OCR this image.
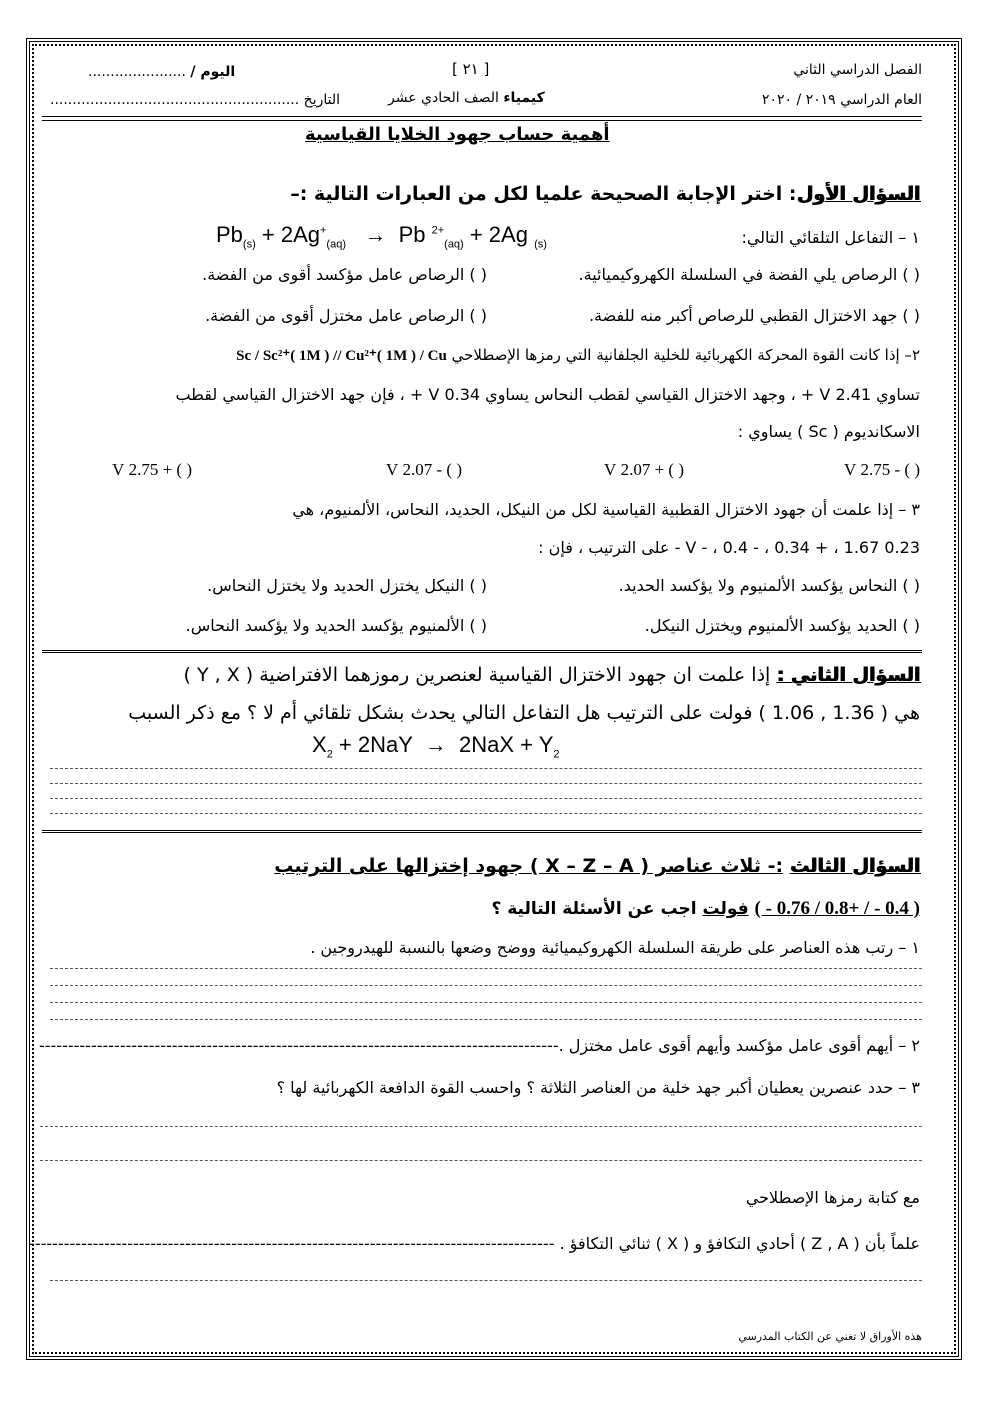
الفصل الدراسي الثاني
العام الدراسي ٢٠١٩ / ٢٠٢٠
[ ٢١ ]
كيمياء الصف الحادي عشر
اليوم / ......................
التاريخ ........................................................
أهمية حساب جهود الخلايا القياسية
السؤال الأول: اختر الإجابة الصحيحة علميا لكل من العبارات التالية :–
١ – التفاعل التلقائي التالي:
$Pb_{(s)} + 2Ag^+_{(aq)} \to Pb$ $^{2+}_{(aq)}$ + 2Ag $_{(s)}$
( ) الرصاص يلي الفضة في السلسلة الكهروكيميائية.
( ) الرصاص عامل مؤكسد أقوى من الفضة.
( ) جهد الاختزال القطبي للرصاص أكبر منه للفضة.
( ) الرصاص عامل مختزل أقوى من الفضة.
٢– إذا كانت القوة المحركة الكهربائية للخلية الجلفانية التي رمزها الإصطلاحي Sc / Sc²⁺( 1M ) // Cu²⁺( 1M ) / Cu
تساوي V 2.41 + ، وجهد الاختزال القياسي لقطب النحاس يساوي V 0.34 + ، فإن جهد الاختزال القياسي لقطب
الاسكانديوم ( Sc ) يساوي :
( ) - 2.75 V
( ) + 2.07 V
( ) - 2.07 V
( ) + 2.75 V
٣ – إذا علمت أن جهود الاختزال القطبية القياسية لكل من النيكل، الحديد، النحاس، الألمنيوم، هي
0.23 V - ، 0.4 - ، 0.34 + ، 1.67 - على الترتيب ، فإن :
( ) النحاس يؤكسد الألمنيوم ولا يؤكسد الحديد.
( ) النيكل يختزل الحديد ولا يختزل النحاس.
( ) الحديد يؤكسد الألمنيوم ويختزل النيكل.
( ) الألمنيوم يؤكسد الحديد ولا يؤكسد النحاس.
السؤال الثاني : إذا علمت ان جهود الاختزال القياسية لعنصرين رموزهما الافتراضية ( Y , X )
هي ( 1.36 , 1.06 ) فولت على الترتيب هل التفاعل التالي يحدث بشكل تلقائي أم لا ؟ مع ذكر السبب
$X_2 + 2NaY \to 2NaX + Y_2$
السؤال الثالث :- ثلاث عناصر ( X – Z – A ) جهود إختزالها على الترتيب
( 0.4 - / +0.8 / 0.76 - ) فولت اجب عن الأسئلة التالية ؟
١ – رتب هذه العناصر على طريقة السلسلة الكهروكيميائية ووضح وضعها بالنسبة للهيدروجين .
٢ – أيهم أقوى عامل مؤكسد وأيهم أقوى عامل مختزل .------------------------------------------------------------------------------------------
٣ – حدد عنصرين يعطيان أكبر جهد خلية من العناصر الثلاثة ؟ واحسب القوة الدافعة الكهربائية لها ؟
مع كتابة رمزها الإصطلاحي
علماً بأن ( Z , A ) أحادي التكافؤ و ( X ) ثنائي التكافؤ . -------------------------------------------------------------------------------------------
هذه الأوراق لا تغني عن الكتاب المدرسي
